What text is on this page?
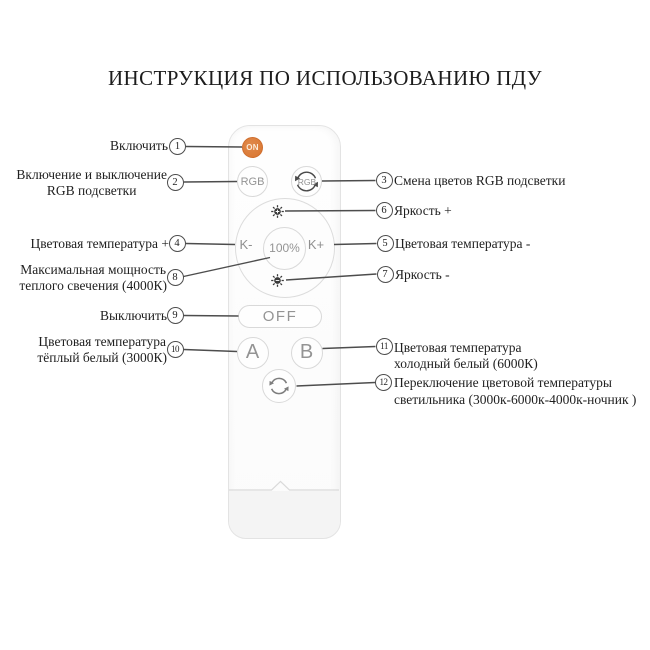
ИНСТРУКЦИЯ ПО ИСПОЛЬЗОВАНИЮ ПДУ
ON
RGB	RGB
100%
K-	K+
OFF
A	B
1
2	3
4	5
6
7
8
9
10	11
12
Включить
Включение и выключение
RGB подсветки
Цветовая температура +
Максимальная мощность
теплого свечения (4000К)
Выключить
Цветовая температура
тёплый белый (3000К)
Смена цветов RGB подсветки
Яркость +
Цветовая температура -
Яркость -
Цветовая температура
холодный белый (6000К)
Переключение цветовой температуры
светильника (3000к-6000к-4000к-ночник )
